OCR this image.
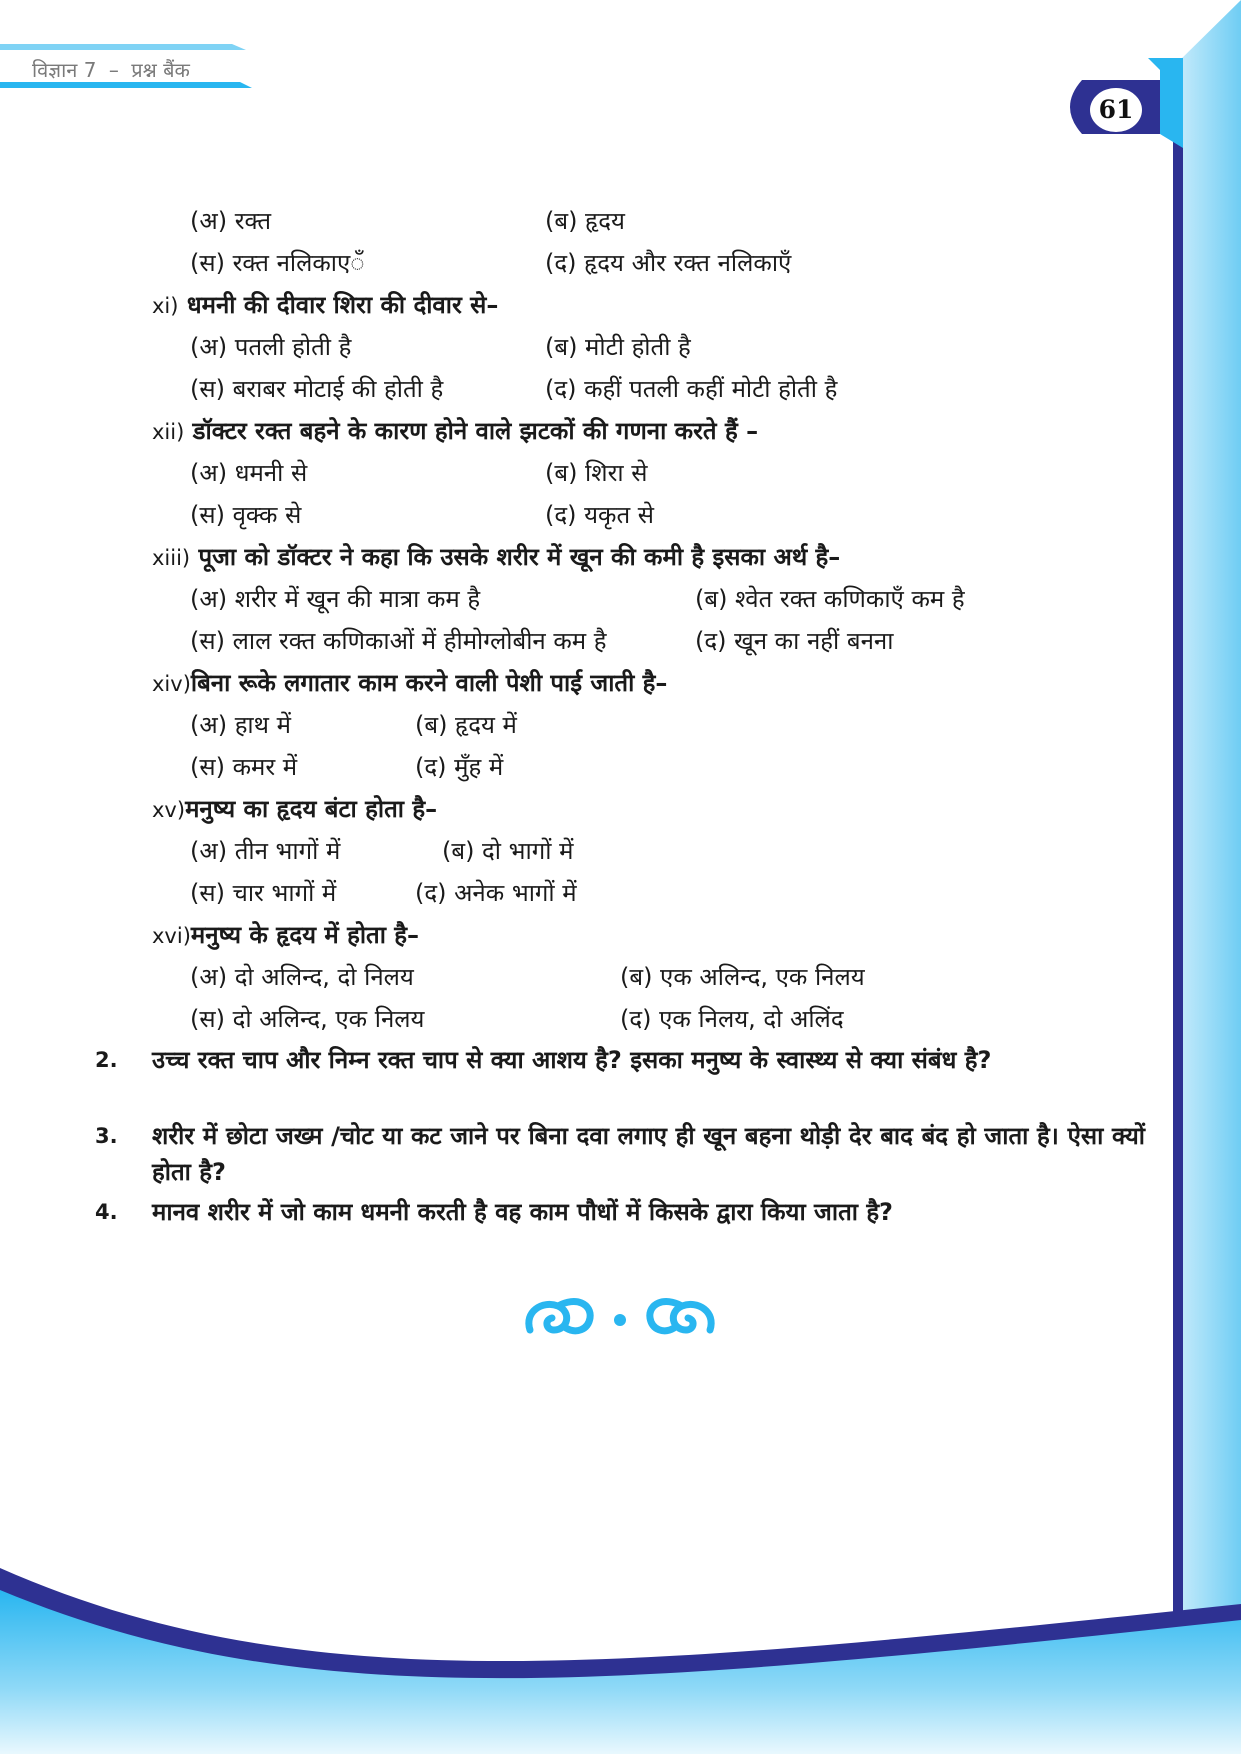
विज्ञान 7 – प्रश्न बैंक
61
(अ) रक्त	(ब) हृदय
(स) रक्त नलिकाएॅं	(द) हृदय और रक्त नलिकाएँ
xi) धमनी की दीवार शिरा की दीवार से–
(अ) पतली होती है	(ब) मोटी होती है
(स) बराबर मोटाई की होती है	(द) कहीं पतली कहीं मोटी होती है
xii) डॉक्टर रक्त बहने के कारण होने वाले झटकों की गणना करते हैं –
(अ) धमनी से	(ब) शिरा से
(स) वृक्क से	(द) यकृत से
xiii) पूजा को डॉक्टर ने कहा कि उसके शरीर में खून की कमी है इसका अर्थ है–
(अ) शरीर में खून की मात्रा कम है	(ब) श्वेत रक्त कणिकाऍं कम है
(स) लाल रक्त कणिकाओं में हीमोग्लोबीन कम है	(द) खून का नहीं बनना
xiv)बिना रूके लगातार काम करने वाली पेशी पाई जाती है–
(अ) हाथ में	(ब) हृदय में
(स) कमर में	(द) मुँह में
xv)मनुष्य का हृदय बंटा होता है–
(अ) तीन भागों में	(ब) दो भागों में
(स) चार भागों में	(द) अनेक भागों में
xvi)मनुष्य के हृदय में होता है–
(अ) दो अलिन्द, दो निलय	(ब) एक अलिन्द, एक निलय
(स) दो अलिन्द, एक निलय	(द) एक निलय, दो अलिंद
2. उच्च रक्त चाप और निम्न रक्त चाप से क्या आशय है? इसका मनुष्य के स्वास्थ्य से क्या संबंध है?
3. शरीर में छोटा जख्म /चोट या कट जाने पर बिना दवा लगाए ही खून बहना थोड़ी देर बाद बंद हो जाता है। ऐसा क्यों होता है?
4. मानव शरीर में जो काम धमनी करती है वह काम पौधों में किसके द्वारा किया जाता है?
